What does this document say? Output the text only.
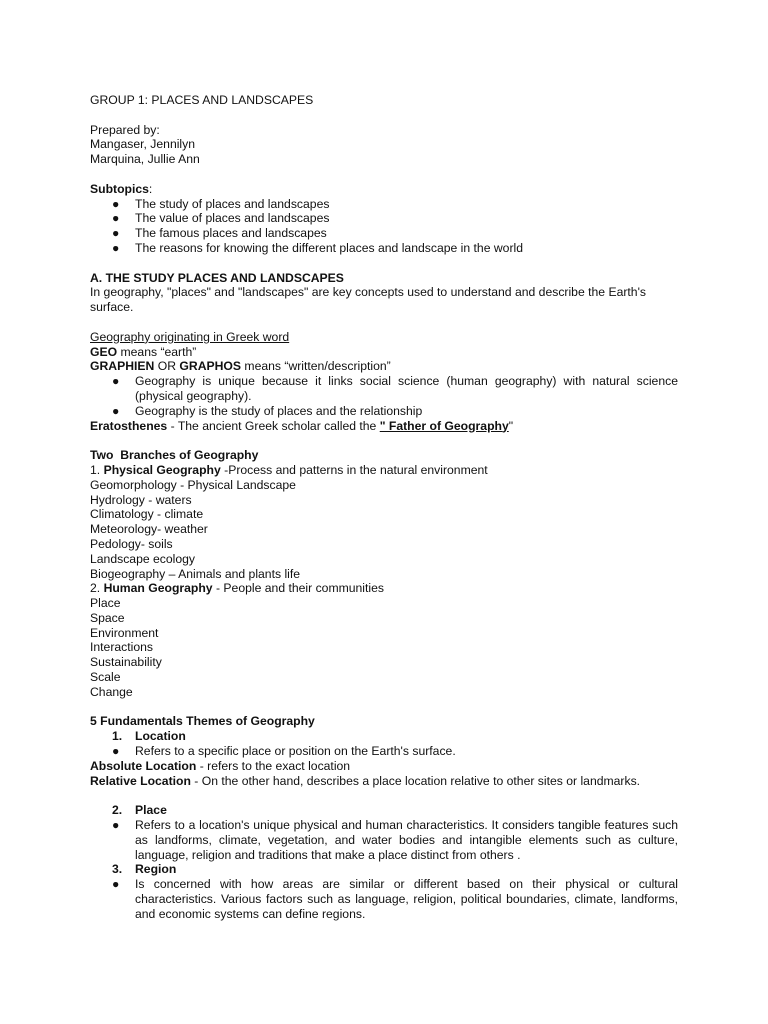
GROUP 1: PLACES AND LANDSCAPES
Prepared by:
Mangaser, Jennilyn
Marquina, Jullie Ann
Subtopics:
● The study of places and landscapes
● The value of places and landscapes
● The famous places and landscapes
● The reasons for knowing the different places and landscape in the world
A. THE STUDY PLACES AND LANDSCAPES
In geography, "places" and "landscapes" are key concepts used to understand and describe the Earth's surface.
Geography originating in Greek word
GEO means “earth”
GRAPHIEN OR GRAPHOS means “written/description”
● Geography is unique because it links social science (human geography) with natural science (physical geography).
● Geography is the study of places and the relationship
Eratosthenes - The ancient Greek scholar called the " Father of Geography"
Two  Branches of Geography
1. Physical Geography -Process and patterns in the natural environment
Geomorphology - Physical Landscape
Hydrology - waters
Climatology - climate
Meteorology- weather
Pedology- soils
Landscape ecology
Biogeography – Animals and plants life
2. Human Geography - People and their communities
Place
Space
Environment
Interactions
Sustainability
Scale
Change
5 Fundamentals Themes of Geography
1. Location
● Refers to a specific place or position on the Earth's surface.
Absolute Location - refers to the exact location
Relative Location - On the other hand, describes a place location relative to other sites or landmarks.
2. Place
● Refers to a location's unique physical and human characteristics. It considers tangible features such as landforms, climate, vegetation, and water bodies and intangible elements such as culture, language, religion and traditions that make a place distinct from others .
3. Region
● Is concerned with how areas are similar or different based on their physical or cultural characteristics. Various factors such as language, religion, political boundaries, climate, landforms, and economic systems can define regions.
